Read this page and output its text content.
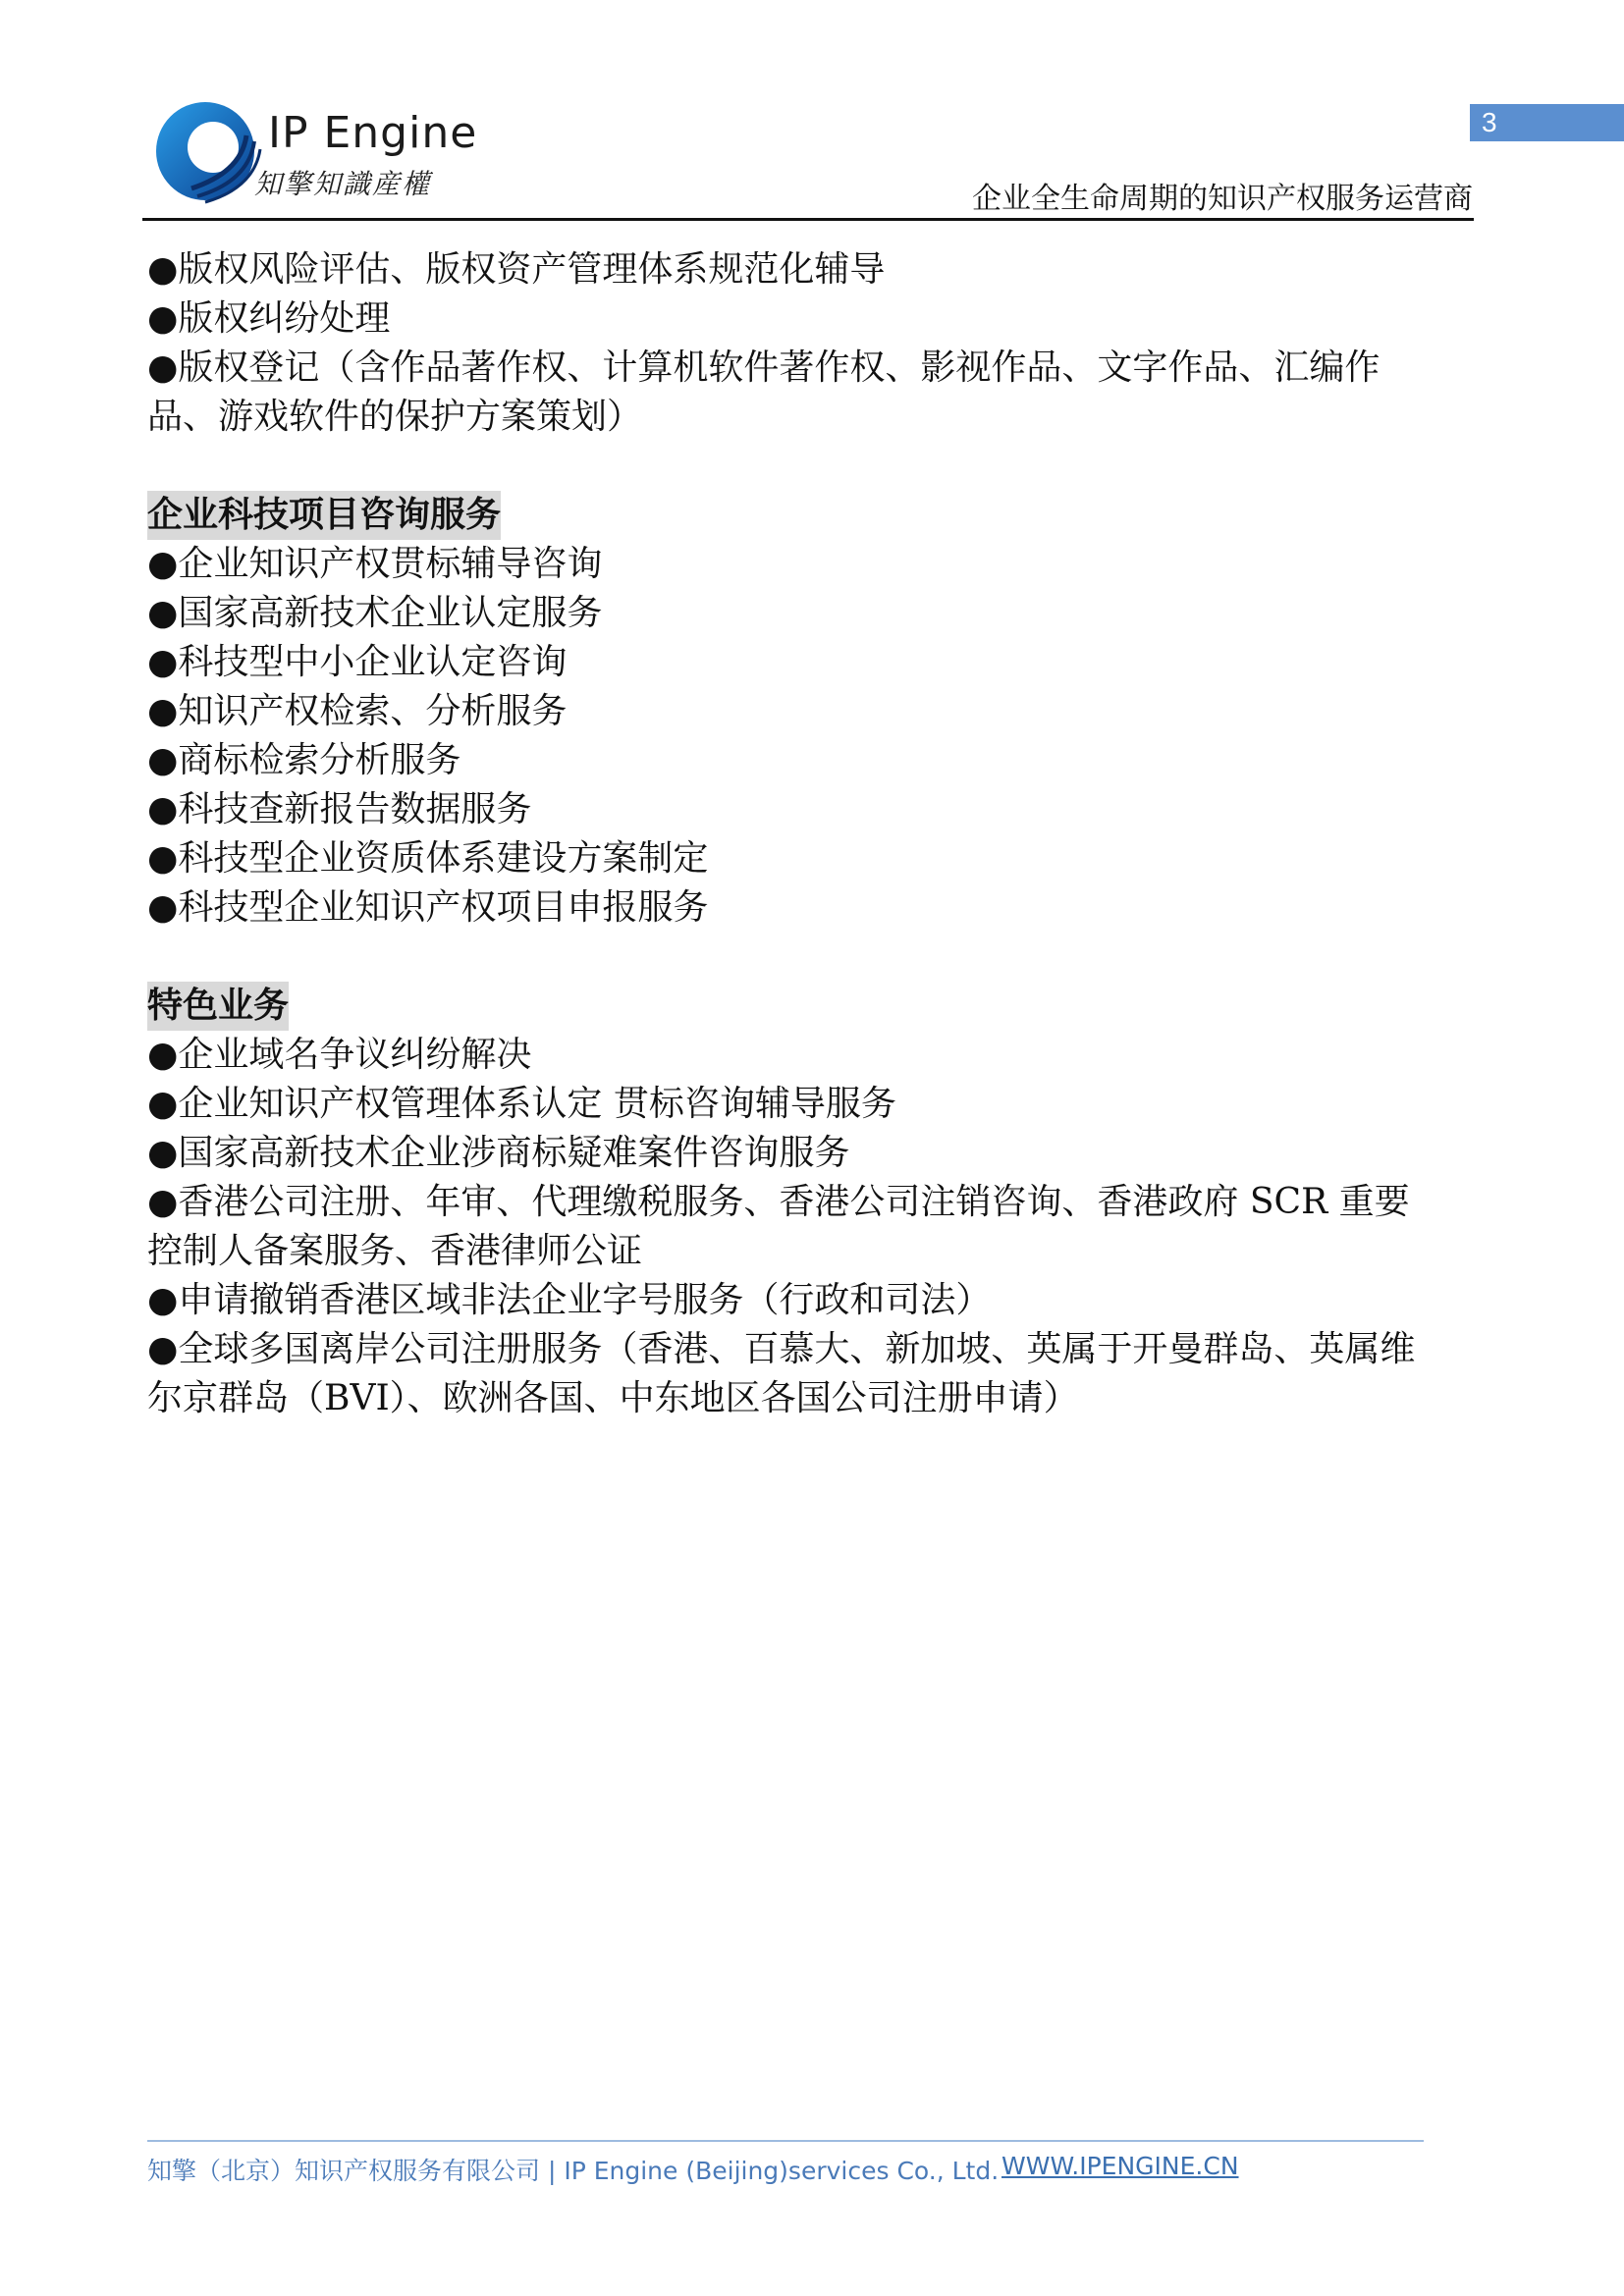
IP Engine
知擎知識産權
3
企业全生命周期的知识产权服务运营商

●版权风险评估、版权资产管理体系规范化辅导

●版权纠纷处理

●版权登记（含作品著作权、计算机软件著作权、影视作品、文字作品、汇编作品、游戏软件的保护方案策划）

企业科技项目咨询服务

●企业知识产权贯标辅导咨询

●国家高新技术企业认定服务

●科技型中小企业认定咨询

●知识产权检索、分析服务

●商标检索分析服务

●科技查新报告数据服务

●科技型企业资质体系建设方案制定

●科技型企业知识产权项目申报服务

特色业务

●企业域名争议纠纷解决

●企业知识产权管理体系认定 贯标咨询辅导服务

●国家高新技术企业涉商标疑难案件咨询服务

●香港公司注册、年审、代理缴税服务、香港公司注销咨询、香港政府 SCR 重要控制人备案服务、香港律师公证

●申请撤销香港区域非法企业字号服务（行政和司法）

●全球多国离岸公司注册服务（香港、百慕大、新加坡、英属于开曼群岛、英属维尔京群岛（BVI）、欧洲各国、中东地区各国公司注册申请）

知擎（北京）知识产权服务有限公司 | IP Engine (Beijing)services Co., Ltd. WWW.IPENGINE.CN
